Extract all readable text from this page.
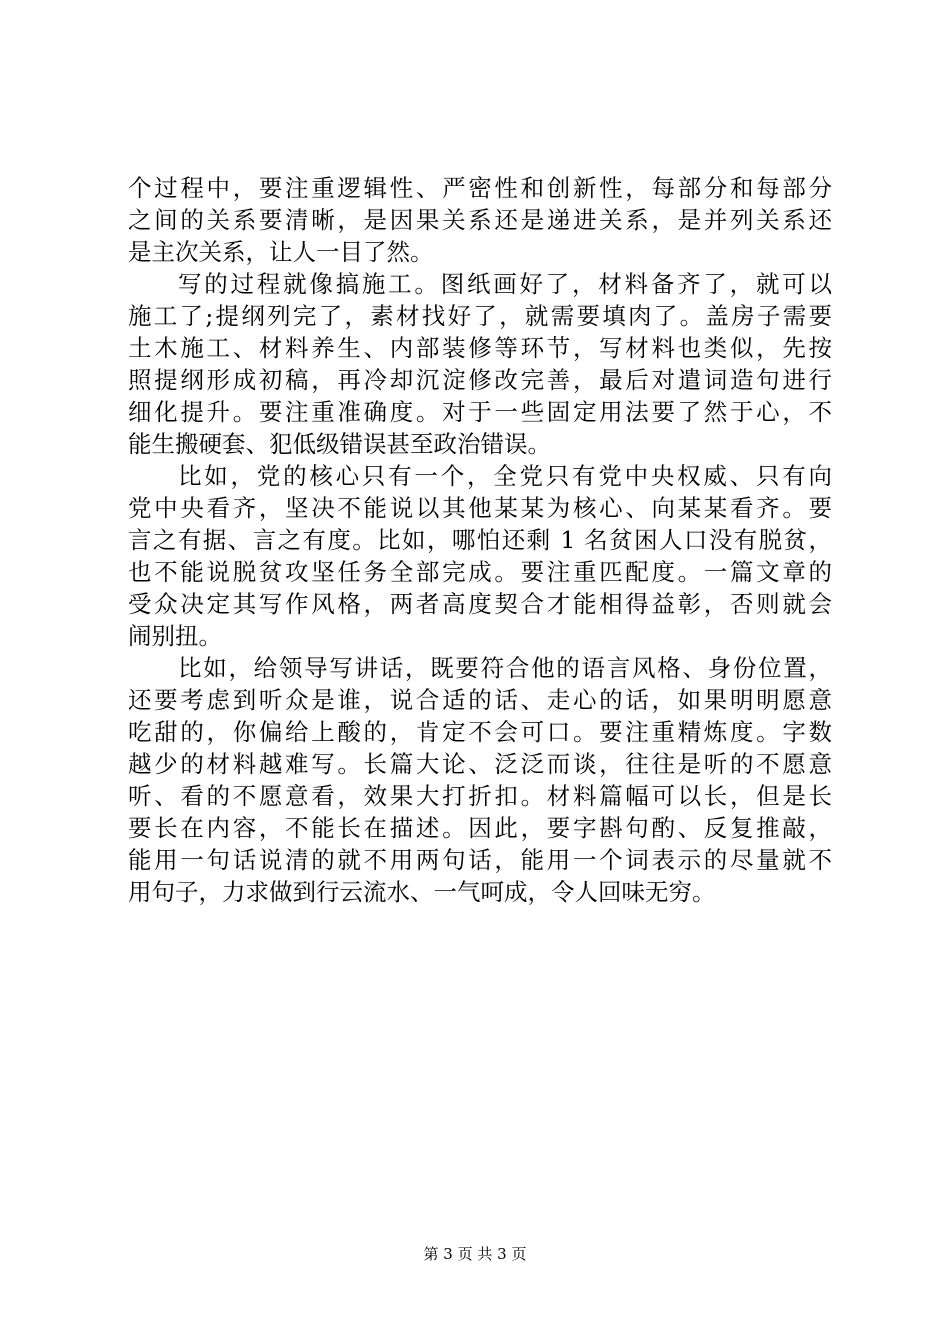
个过程中，要注重逻辑性、严密性和创新性，每部分和每部分
之间的关系要清晰，是因果关系还是递进关系，是并列关系还
是主次关系，让人一目了然。
写的过程就像搞施工。图纸画好了，材料备齐了，就可以
施工了;提纲列完了，素材找好了，就需要填肉了。盖房子需要
土木施工、材料养生、内部装修等环节，写材料也类似，先按
照提纲形成初稿，再冷却沉淀修改完善，最后对遣词造句进行
细化提升。要注重准确度。对于一些固定用法要了然于心，不
能生搬硬套、犯低级错误甚至政治错误。
比如，党的核心只有一个，全党只有党中央权威、只有向
党中央看齐，坚决不能说以其他某某为核心、向某某看齐。要
言之有据、言之有度。比如，哪怕还剩 1 名贫困人口没有脱贫，
也不能说脱贫攻坚任务全部完成。要注重匹配度。一篇文章的
受众决定其写作风格，两者高度契合才能相得益彰，否则就会
闹别扭。
比如，给领导写讲话，既要符合他的语言风格、身份位置，
还要考虑到听众是谁，说合适的话、走心的话，如果明明愿意
吃甜的，你偏给上酸的，肯定不会可口。要注重精炼度。字数
越少的材料越难写。长篇大论、泛泛而谈，往往是听的不愿意
听、看的不愿意看，效果大打折扣。材料篇幅可以长，但是长
要长在内容，不能长在描述。因此，要字斟句酌、反复推敲，
能用一句话说清的就不用两句话，能用一个词表示的尽量就不
用句子，力求做到行云流水、一气呵成，令人回味无穷。
第 3 页 共 3 页
